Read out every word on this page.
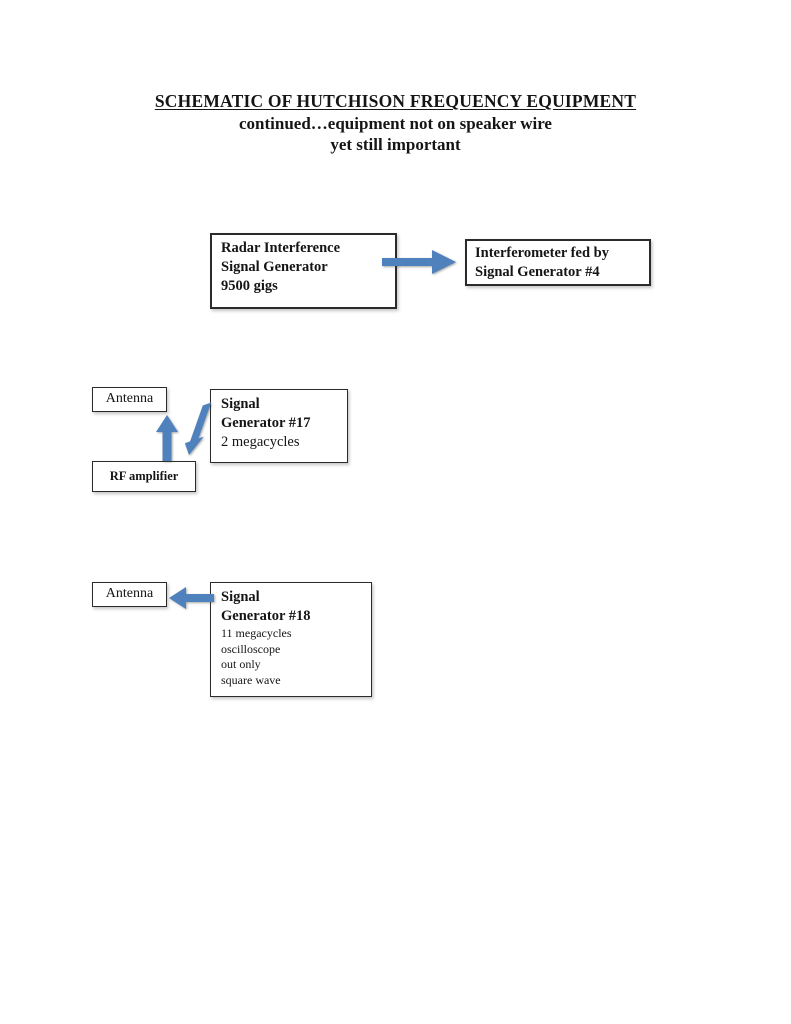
SCHEMATIC OF HUTCHISON FREQUENCY EQUIPMENT
continued…equipment not on speaker wire
yet still important
Radar Interference
Signal Generator
9500 gigs
Interferometer fed by
Signal Generator #4
Antenna	Signal
Generator #17
2 megacycles
RF amplifier
Antenna	Signal
Generator #18
11 megacycles
oscilloscope
out only
square wave
